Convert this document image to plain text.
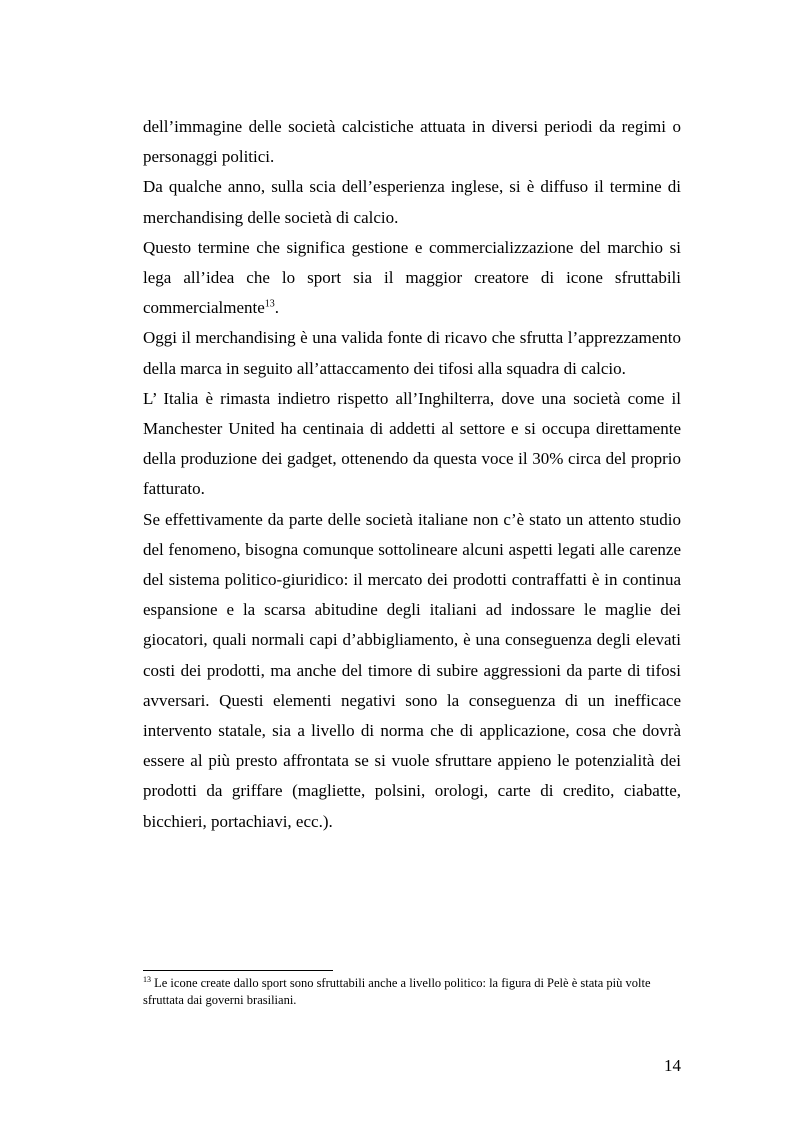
dell’immagine delle società calcistiche attuata in diversi periodi da regimi o personaggi politici.

Da qualche anno, sulla scia dell’esperienza inglese, si è diffuso il termine di merchandising delle società di calcio.

Questo termine che significa gestione e commercializzazione del marchio si lega all’idea che lo sport sia il maggior creatore di icone sfruttabili commercialmente$^{13}$.

Oggi il merchandising è una valida fonte di ricavo che sfrutta l’apprezzamento della marca in seguito all’attaccamento dei tifosi alla squadra di calcio.

L’ Italia è rimasta indietro rispetto all’Inghilterra, dove una società come il Manchester United ha centinaia di addetti al settore e si occupa direttamente della produzione dei gadget, ottenendo da questa voce il 30% circa del proprio fatturato.

Se effettivamente da parte delle società italiane non c’è stato un attento studio del fenomeno, bisogna comunque sottolineare alcuni aspetti legati alle carenze del sistema politico-giuridico: il mercato dei prodotti contraffatti è in continua espansione e la scarsa abitudine degli italiani ad indossare le maglie dei giocatori, quali normali capi d’abbigliamento, è una conseguenza degli elevati costi dei prodotti, ma anche del timore di subire aggressioni da parte di tifosi avversari. Questi elementi negativi sono la conseguenza di un inefficace intervento statale, sia a livello di norma che di applicazione, cosa che dovrà essere al più presto affrontata se si vuole sfruttare appieno le potenzialità dei prodotti da griffare (magliette, polsini, orologi, carte di credito, ciabatte, bicchieri, portachiavi, ecc.).

$^{13}$ Le icone create dallo sport sono sfruttabili anche a livello politico: la figura di Pelè è stata più volte sfruttata dai governi brasiliani.
14
